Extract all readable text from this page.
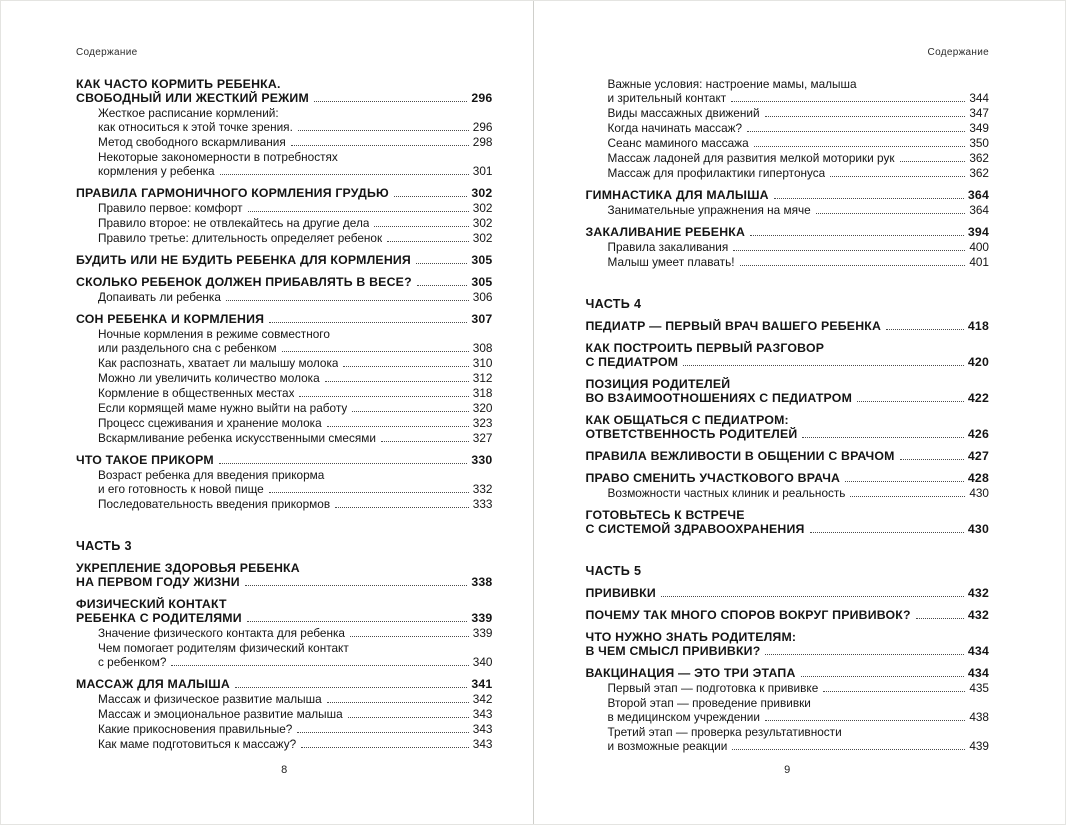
Содержание
КАК ЧАСТО КОРМИТЬ РЕБЕНКА.
СВОБОДНЫЙ ИЛИ ЖЕСТКИЙ РЕЖИМ	296
Жесткое расписание кормлений:
как относиться к этой точке зрения.	296
Метод свободного вскармливания	298
Некоторые закономерности в потребностях
кормления у ребенка	301
ПРАВИЛА ГАРМОНИЧНОГО КОРМЛЕНИЯ ГРУДЬЮ	302
Правило первое: комфорт	302
Правило второе: не отвлекайтесь на другие дела	302
Правило третье: длительность определяет ребенок	302
БУДИТЬ ИЛИ НЕ БУДИТЬ РЕБЕНКА ДЛЯ КОРМЛЕНИЯ	305
СКОЛЬКО РЕБЕНОК ДОЛЖЕН ПРИБАВЛЯТЬ В ВЕСЕ?	305
Допаивать ли ребенка	306
СОН РЕБЕНКА И КОРМЛЕНИЯ	307
Ночные кормления в режиме совместного
или раздельного сна с ребенком	308
Как распознать, хватает ли малышу молока	310
Можно ли увеличить количество молока	312
Кормление в общественных местах	318
Если кормящей маме нужно выйти на работу	320
Процесс сцеживания и хранение молока	323
Вскармливание ребенка искусственными смесями	327
ЧТО ТАКОЕ ПРИКОРМ	330
Возраст ребенка для введения прикорма
и его готовность к новой пище	332
Последовательность введения прикормов	333
ЧАСТЬ 3
УКРЕПЛЕНИЕ ЗДОРОВЬЯ РЕБЕНКА
НА ПЕРВОМ ГОДУ ЖИЗНИ	338
ФИЗИЧЕСКИЙ КОНТАКТ
РЕБЕНКА С РОДИТЕЛЯМИ	339
Значение физического контакта для ребенка	339
Чем помогает родителям физический контакт
с ребенком?	340
МАССАЖ ДЛЯ МАЛЫША	341
Массаж и физическое развитие малыша	342
Массаж и эмоциональное развитие малыша	343
Какие прикосновения правильные?	343
Как маме подготовиться к массажу?	343
8
Содержание
Важные условия: настроение мамы, малыша
и зрительный контакт	344
Виды массажных движений	347
Когда начинать массаж?	349
Сеанс маминого массажа	350
Массаж ладоней для развития мелкой моторики рук	362
Массаж для профилактики гипертонуса	362
ГИМНАСТИКА ДЛЯ МАЛЫША	364
Занимательные упражнения на мяче	364
ЗАКАЛИВАНИЕ РЕБЕНКА	394
Правила закаливания	400
Малыш умеет плавать!	401
ЧАСТЬ 4
ПЕДИАТР — ПЕРВЫЙ ВРАЧ ВАШЕГО РЕБЕНКА	418
КАК ПОСТРОИТЬ ПЕРВЫЙ РАЗГОВОР
С ПЕДИАТРОМ	420
ПОЗИЦИЯ РОДИТЕЛЕЙ
ВО ВЗАИМООТНОШЕНИЯХ С ПЕДИАТРОМ	422
КАК ОБЩАТЬСЯ С ПЕДИАТРОМ:
ОТВЕТСТВЕННОСТЬ РОДИТЕЛЕЙ	426
ПРАВИЛА ВЕЖЛИВОСТИ В ОБЩЕНИИ С ВРАЧОМ	427
ПРАВО СМЕНИТЬ УЧАСТКОВОГО ВРАЧА	428
Возможности частных клиник и реальность	430
ГОТОВЬТЕСЬ К ВСТРЕЧЕ
С СИСТЕМОЙ ЗДРАВООХРАНЕНИЯ	430
ЧАСТЬ 5
ПРИВИВКИ	432
ПОЧЕМУ ТАК МНОГО СПОРОВ ВОКРУГ ПРИВИВОК?	432
ЧТО НУЖНО ЗНАТЬ РОДИТЕЛЯМ:
В ЧЕМ СМЫСЛ ПРИВИВКИ?	434
ВАКЦИНАЦИЯ — ЭТО ТРИ ЭТАПА	434
Первый этап — подготовка к прививке	435
Второй этап — проведение прививки
в медицинском учреждении	438
Третий этап — проверка результативности
и возможные реакции	439
9
